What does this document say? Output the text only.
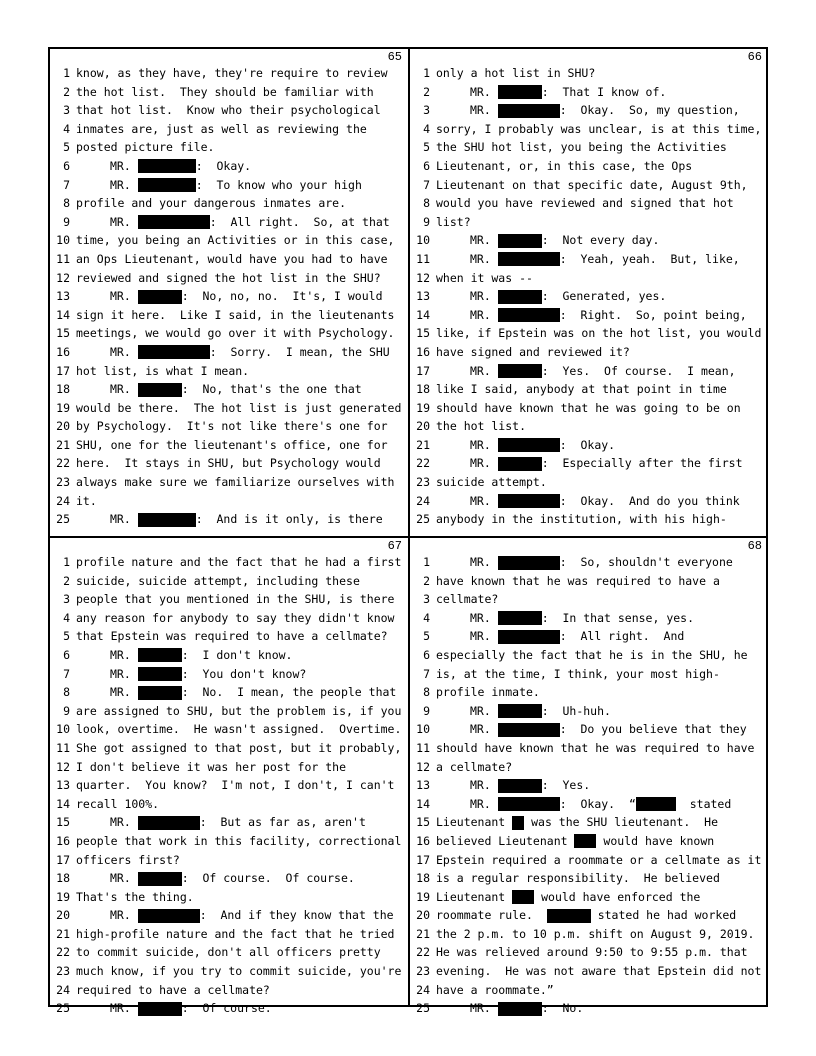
65
1 know, as they have, they're require to review
2 the hot list.  They should be familiar with
3 that hot list.  Know who their psychological
4 inmates are, just as well as reviewing the
5 posted picture file.
6	MR.	:  Okay.
7	MR.	:  To know who your high
8 profile and your dangerous inmates are.
9	MR.	:  All right.  So, at that
10 time, you being an Activities or in this case,
11 an Ops Lieutenant, would have you had to have
12 reviewed and signed the hot list in the SHU?
13	MR.	:  No, no, no.  It's, I would
14 sign it here.  Like I said, in the lieutenants
15 meetings, we would go over it with Psychology.
16	MR.	:  Sorry.  I mean, the SHU
17 hot list, is what I mean.
18	MR.	:  No, that's the one that
19 would be there.  The hot list is just generated
20 by Psychology.  It's not like there's one for
21 SHU, one for the lieutenant's office, one for
22 here.  It stays in SHU, but Psychology would
23 always make sure we familiarize ourselves with
24 it.
25	MR.	:  And is it only, is there
66
1 only a hot list in SHU?
2	MR.	:  That I know of.
3	MR.	:  Okay.  So, my question,
4 sorry, I probably was unclear, is at this time,
5 the SHU hot list, you being the Activities
6 Lieutenant, or, in this case, the Ops
7 Lieutenant on that specific date, August 9th,
8 would you have reviewed and signed that hot
9 list?
10	MR.	:  Not every day.
11	MR.	:  Yeah, yeah.  But, like,
12 when it was --
13	MR.	:  Generated, yes.
14	MR.	:  Right.  So, point being,
15 like, if Epstein was on the hot list, you would
16 have signed and reviewed it?
17	MR.	:  Yes.  Of course.  I mean,
18 like I said, anybody at that point in time
19 should have known that he was going to be on
20 the hot list.
21	MR.	:  Okay.
22	MR.	:  Especially after the first
23 suicide attempt.
24	MR.	:  Okay.  And do you think
25 anybody in the institution, with his high-
67
1 profile nature and the fact that he had a first
2 suicide, suicide attempt, including these
3 people that you mentioned in the SHU, is there
4 any reason for anybody to say they didn't know
5 that Epstein was required to have a cellmate?
6	MR.	:  I don't know.
7	MR.	:  You don't know?
8	MR.	:  No.  I mean, the people that
9 are assigned to SHU, but the problem is, if you
10 look, overtime.  He wasn't assigned.  Overtime.
11 She got assigned to that post, but it probably,
12 I don't believe it was her post for the
13 quarter.  You know?  I'm not, I don't, I can't
14 recall 100%.
15	MR.	:  But as far as, aren't
16 people that work in this facility, correctional
17 officers first?
18	MR.	:  Of course.  Of course.
19 That's the thing.
20	MR.	:  And if they know that the
21 high-profile nature and the fact that he tried
22 to commit suicide, don't all officers pretty
23 much know, if you try to commit suicide, you're
24 required to have a cellmate?
25	MR.	:  Of course.
68
1	MR.	:  So, shouldn't everyone
2 have known that he was required to have a
3 cellmate?
4	MR.	:  In that sense, yes.
5	MR.	:  All right.  And
6 especially the fact that he is in the SHU, he
7 is, at the time, I think, your most high-
8 profile inmate.
9	MR.	:  Uh-huh.
10	MR.	:  Do you believe that they
11 should have known that he was required to have
12 a cellmate?
13	MR.	:  Yes.
14	MR.	:  Okay.  “	stated
15 Lieutenant  was the SHU lieutenant.  He
16 believed Lieutenant  would have known
17 Epstein required a roommate or a cellmate as it
18 is a regular responsibility.  He believed
19 Lieutenant  would have enforced the
20 roommate rule.	stated he had worked
21 the 2 p.m. to 10 p.m. shift on August 9, 2019.
22 He was relieved around 9:50 to 9:55 p.m. that
23 evening.  He was not aware that Epstein did not
24 have a roommate.”
25	MR.	:  No.
